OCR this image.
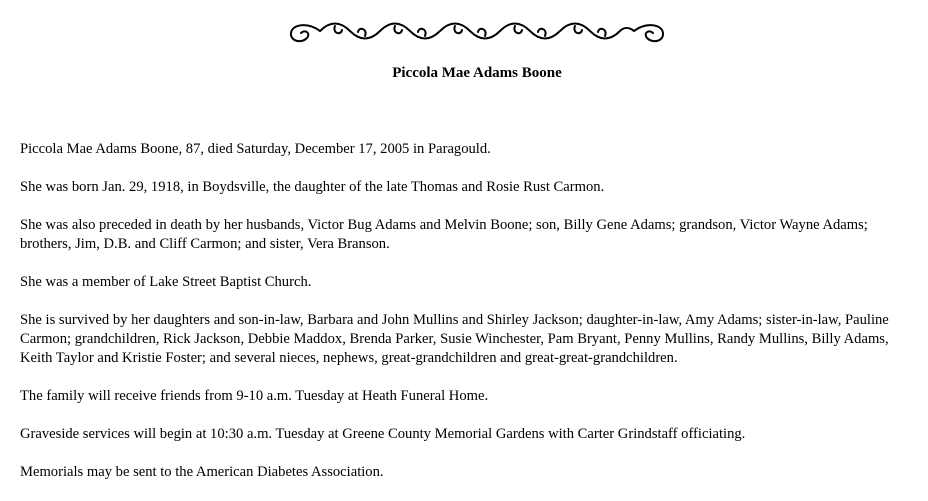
Piccola Mae Adams Boone

Piccola Mae Adams Boone, 87, died Saturday, December 17, 2005 in Paragould.

She was born Jan. 29, 1918, in Boydsville, the daughter of the late Thomas and Rosie Rust Carmon.

She was also preceded in death by her husbands, Victor Bug Adams and Melvin Boone; son, Billy Gene Adams; grandson, Victor Wayne Adams; brothers, Jim, D.B. and Cliff Carmon; and sister, Vera Branson.

She was a member of Lake Street Baptist Church.

She is survived by her daughters and son-in-law, Barbara and John Mullins and Shirley Jackson; daughter-in-law, Amy Adams; sister-in-law, Pauline Carmon; grandchildren, Rick Jackson, Debbie Maddox, Brenda Parker, Susie Winchester, Pam Bryant, Penny Mullins, Randy Mullins, Billy Adams, Keith Taylor and Kristie Foster; and several nieces, nephews, great-grandchildren and great-great-grandchildren.

The family will receive friends from 9-10 a.m. Tuesday at Heath Funeral Home.

Graveside services will begin at 10:30 a.m. Tuesday at Greene County Memorial Gardens with Carter Grindstaff officiating.

Memorials may be sent to the American Diabetes Association.
